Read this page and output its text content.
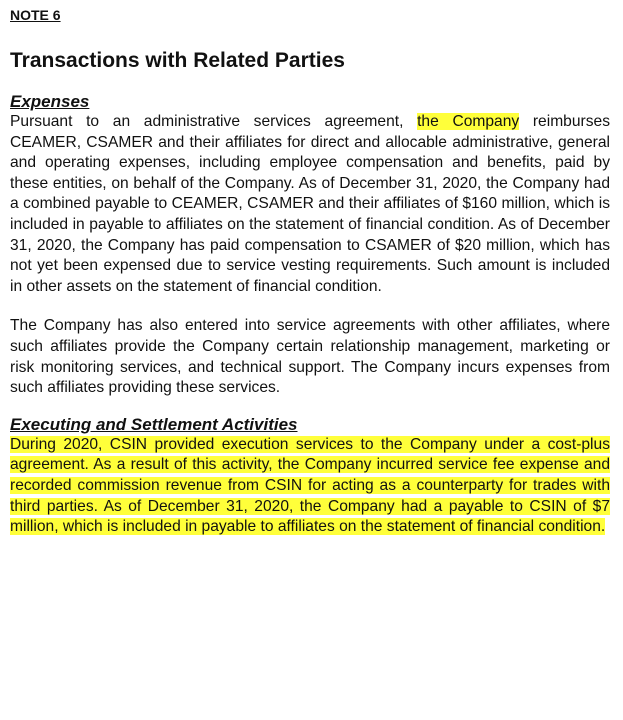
NOTE 6

Transactions with Related Parties
Expenses

Pursuant to an administrative services agreement, the Company reimburses CEAMER, CSAMER and their affiliates for direct and allocable administrative, general and operating expenses, including employee compensation and benefits, paid by these entities, on behalf of the Company. As of December 31, 2020, the Company had a combined payable to CEAMER, CSAMER and their affiliates of $160 million, which is included in payable to affiliates on the statement of financial condition. As of December 31, 2020, the Company has paid compensation to CSAMER of $20 million, which has not yet been expensed due to service vesting requirements. Such amount is included in other assets on the statement of financial condition.

The Company has also entered into service agreements with other affiliates, where such affiliates provide the Company certain relationship management, marketing or risk monitoring services, and technical support. The Company incurs expenses from such affiliates providing these services.

Executing and Settlement Activities

During 2020, CSIN provided execution services to the Company under a cost-plus agreement. As a result of this activity, the Company incurred service fee expense and recorded commission revenue from CSIN for acting as a counterparty for trades with third parties. As of December 31, 2020, the Company had a payable to CSIN of $7 million, which is included in payable to affiliates on the statement of financial condition.
